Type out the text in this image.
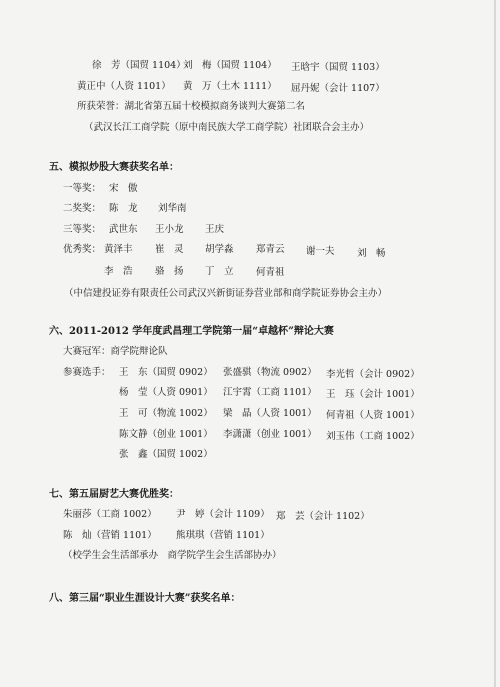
徐　芳（国贸 1104）
刘　梅（国贸 1104） 王晗宇（国贸 1103）
黄正中（人资 1101） 黄　万（土木 1111） 屈丹妮（会计 1107）
所获荣誉：湖北省第五届十校模拟商务谈判大赛第二名
（武汉长江工商学院（原中南民族大学工商学院）社团联合会主办）
五、模拟炒股大赛获奖名单：
一等奖： 宋　傲
二奖奖： 陈　龙 刘华南
三等奖： 武世东 王小龙 王庆
优秀奖： 黄泽丰 崔　灵 胡学淼 郑青云 谢一夫 刘　畅
李　浩 骆　扬 丁　立 何青祖
（中信建投证券有限责任公司武汉兴新街证券营业部和商学院证券协会主办）
六、2011-2012 学年度武昌理工学院第一届“卓越杯”辩论大赛
大赛冠军：商学院辩论队
参赛选手： 王　东（国贸 0902） 张盛骐（物流 0902） 李光哲（会计 0902）
杨　莹（人资 0901） 江宇霄（工商 1101） 王　珏（会计 1001）
王　可（物流 1002） 梁　晶（人资 1001） 何青祖（人资 1001）
陈文静（创业 1001） 李潇潇（创业 1001） 刘玉伟（工商 1002）
张　鑫（国贸 1002）
七、第五届厨艺大赛优胜奖：
朱丽莎（工商 1002） 尹　婷（会计 1109） 郑　芸（会计 1102）
陈　灿（营销 1101） 熊琪琪（营销 1101）
（校学生会生活部承办　商学院学生会生活部协办）
八、第三届“职业生涯设计大赛”获奖名单：
